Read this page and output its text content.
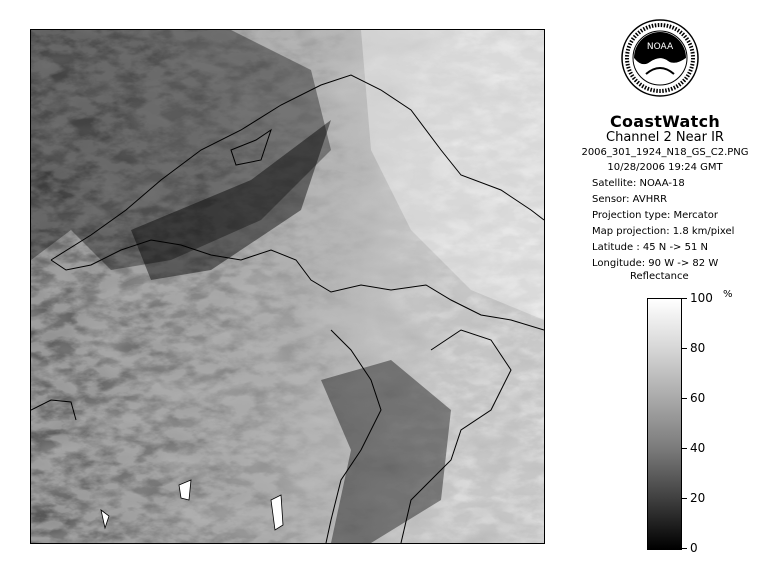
NOAA
CoastWatch
Channel 2 Near IR
2006_301_1924_N18_GS_C2.PNG
10/28/2006 19:24 GMT
Satellite: NOAA-18
Sensor: AVHRR
Projection type: Mercator
Map projection: 1.8 km/pixel
Latitude : 45 N -> 51 N
Longitude: 90 W -> 82 W
Reflectance
%
100
80
60
40
20
0
